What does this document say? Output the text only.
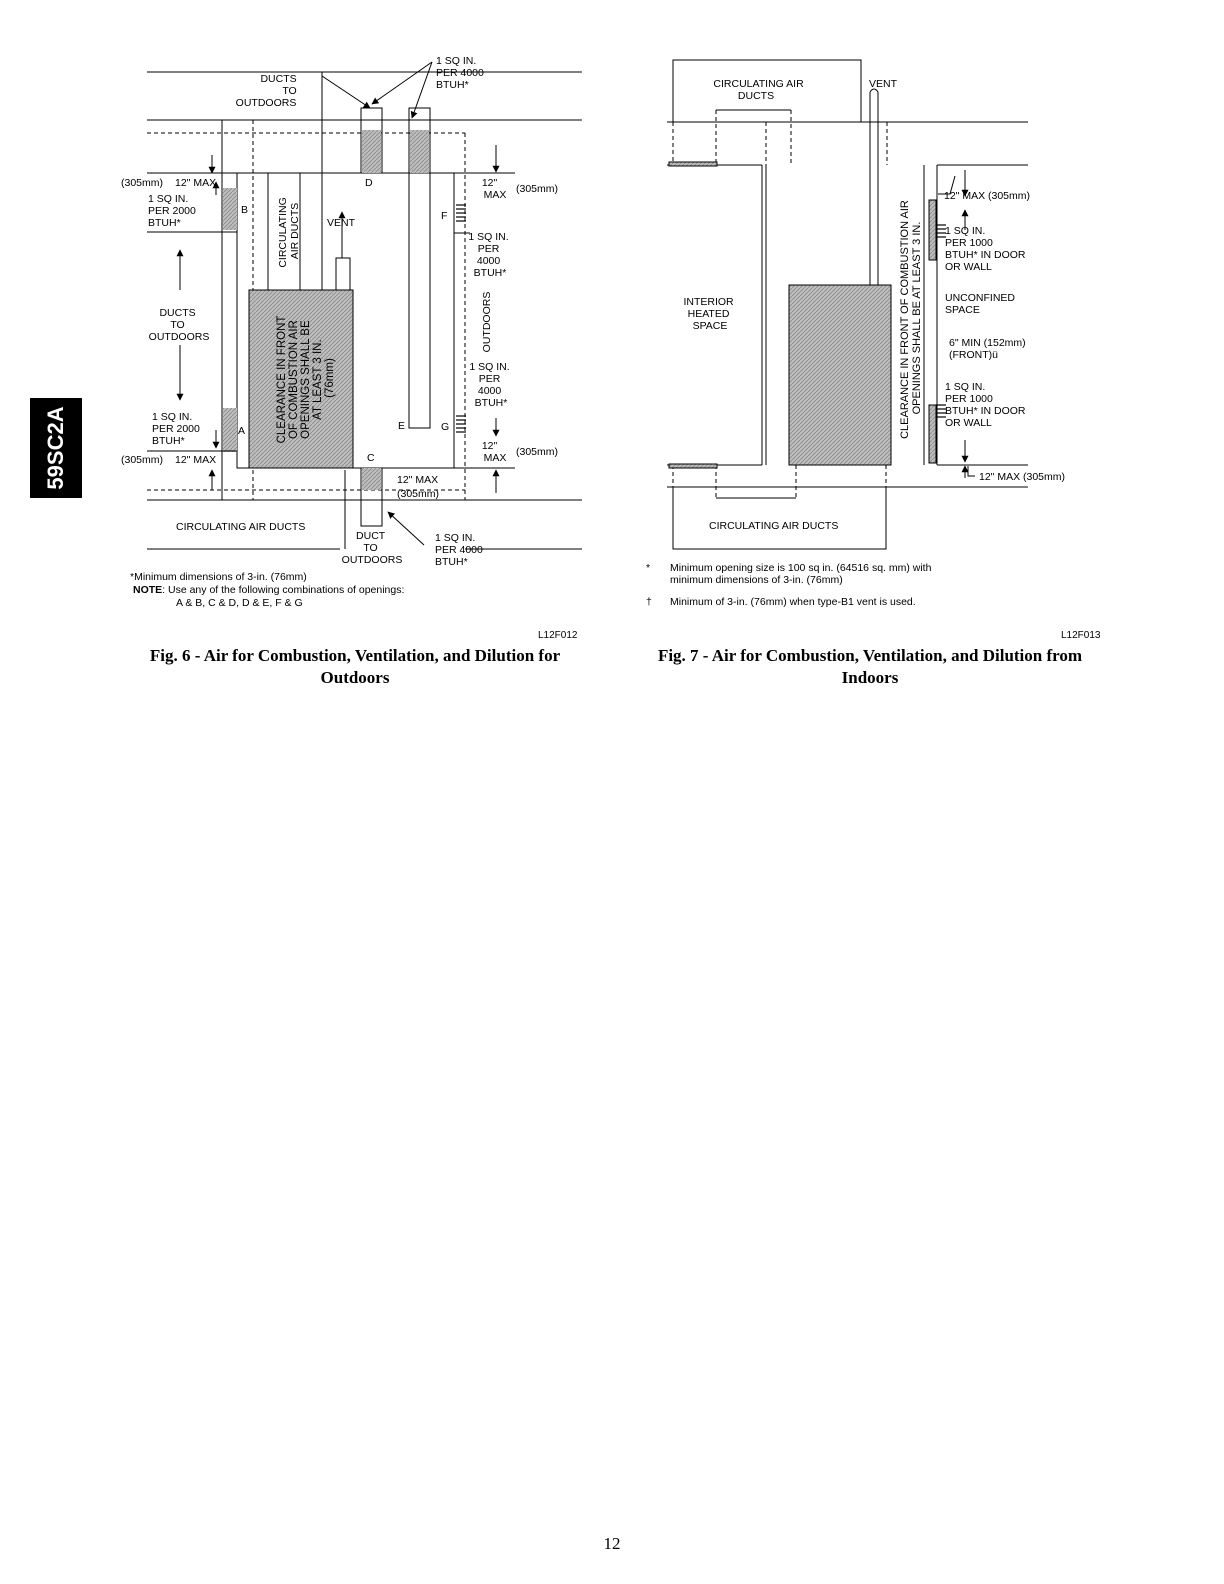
59SC2A
DUCTS TO OUTDOORS
1 SQ IN. PER 4000 BTUH*
(305mm) 12" MAX
1 SQ IN. PER 2000 BTUH*
B
D
F
A
C
E	G
12" MAX (305mm)
CIRCULATING AIR DUCTS VENT
1 SQ IN. PER 4000 BTUH*
DUCTS TO OUTDOORS	CLEARANCE IN FRONT OF COMBUSTION AIR OPENINGS SHALL BE AT LEAST 3 IN. (76mm)
OUTDOORS
1 SQ IN. PER 4000 BTUH*
1 SQ IN. PER 2000 BTUH*
(305mm) 12" MAX
12" MAX (305mm)
12" MAX
(305mm)
CIRCULATING AIR DUCTS
DUCT TO OUTDOORS
1 SQ IN. PER 4000 BTUH*
*Minimum dimensions of 3-in. (76mm)
NOTE: Use any of the following combinations of openings:
A & B, C & D, D & E, F & G
CIRCULATING AIR DUCTS
VENT
CLEARANCE IN FRONT OF COMBUSTION AIR OPENINGS SHALL BE AT LEAST 3 IN.
12" MAX (305mm)
1 SQ IN. PER 1000 BTUH* IN DOOR OR WALL
INTERIOR HEATED SPACE
UNCONFINED SPACE
6" MIN (152mm) (FRONT)ü
1 SQ IN. PER 1000 BTUH* IN DOOR OR WALL
12" MAX (305mm)
CIRCULATING AIR DUCTS
* Minimum opening size is 100 sq in. (64516 sq. mm) with minimum dimensions of 3-in. (76mm)
† Minimum of 3-in. (76mm) when type-B1 vent is used.
L12F012
Fig. 6 - Air for Combustion, Ventilation, and Dilution for
Outdoors
L12F013
Fig. 7 - Air for Combustion, Ventilation, and Dilution from
Indoors
12
